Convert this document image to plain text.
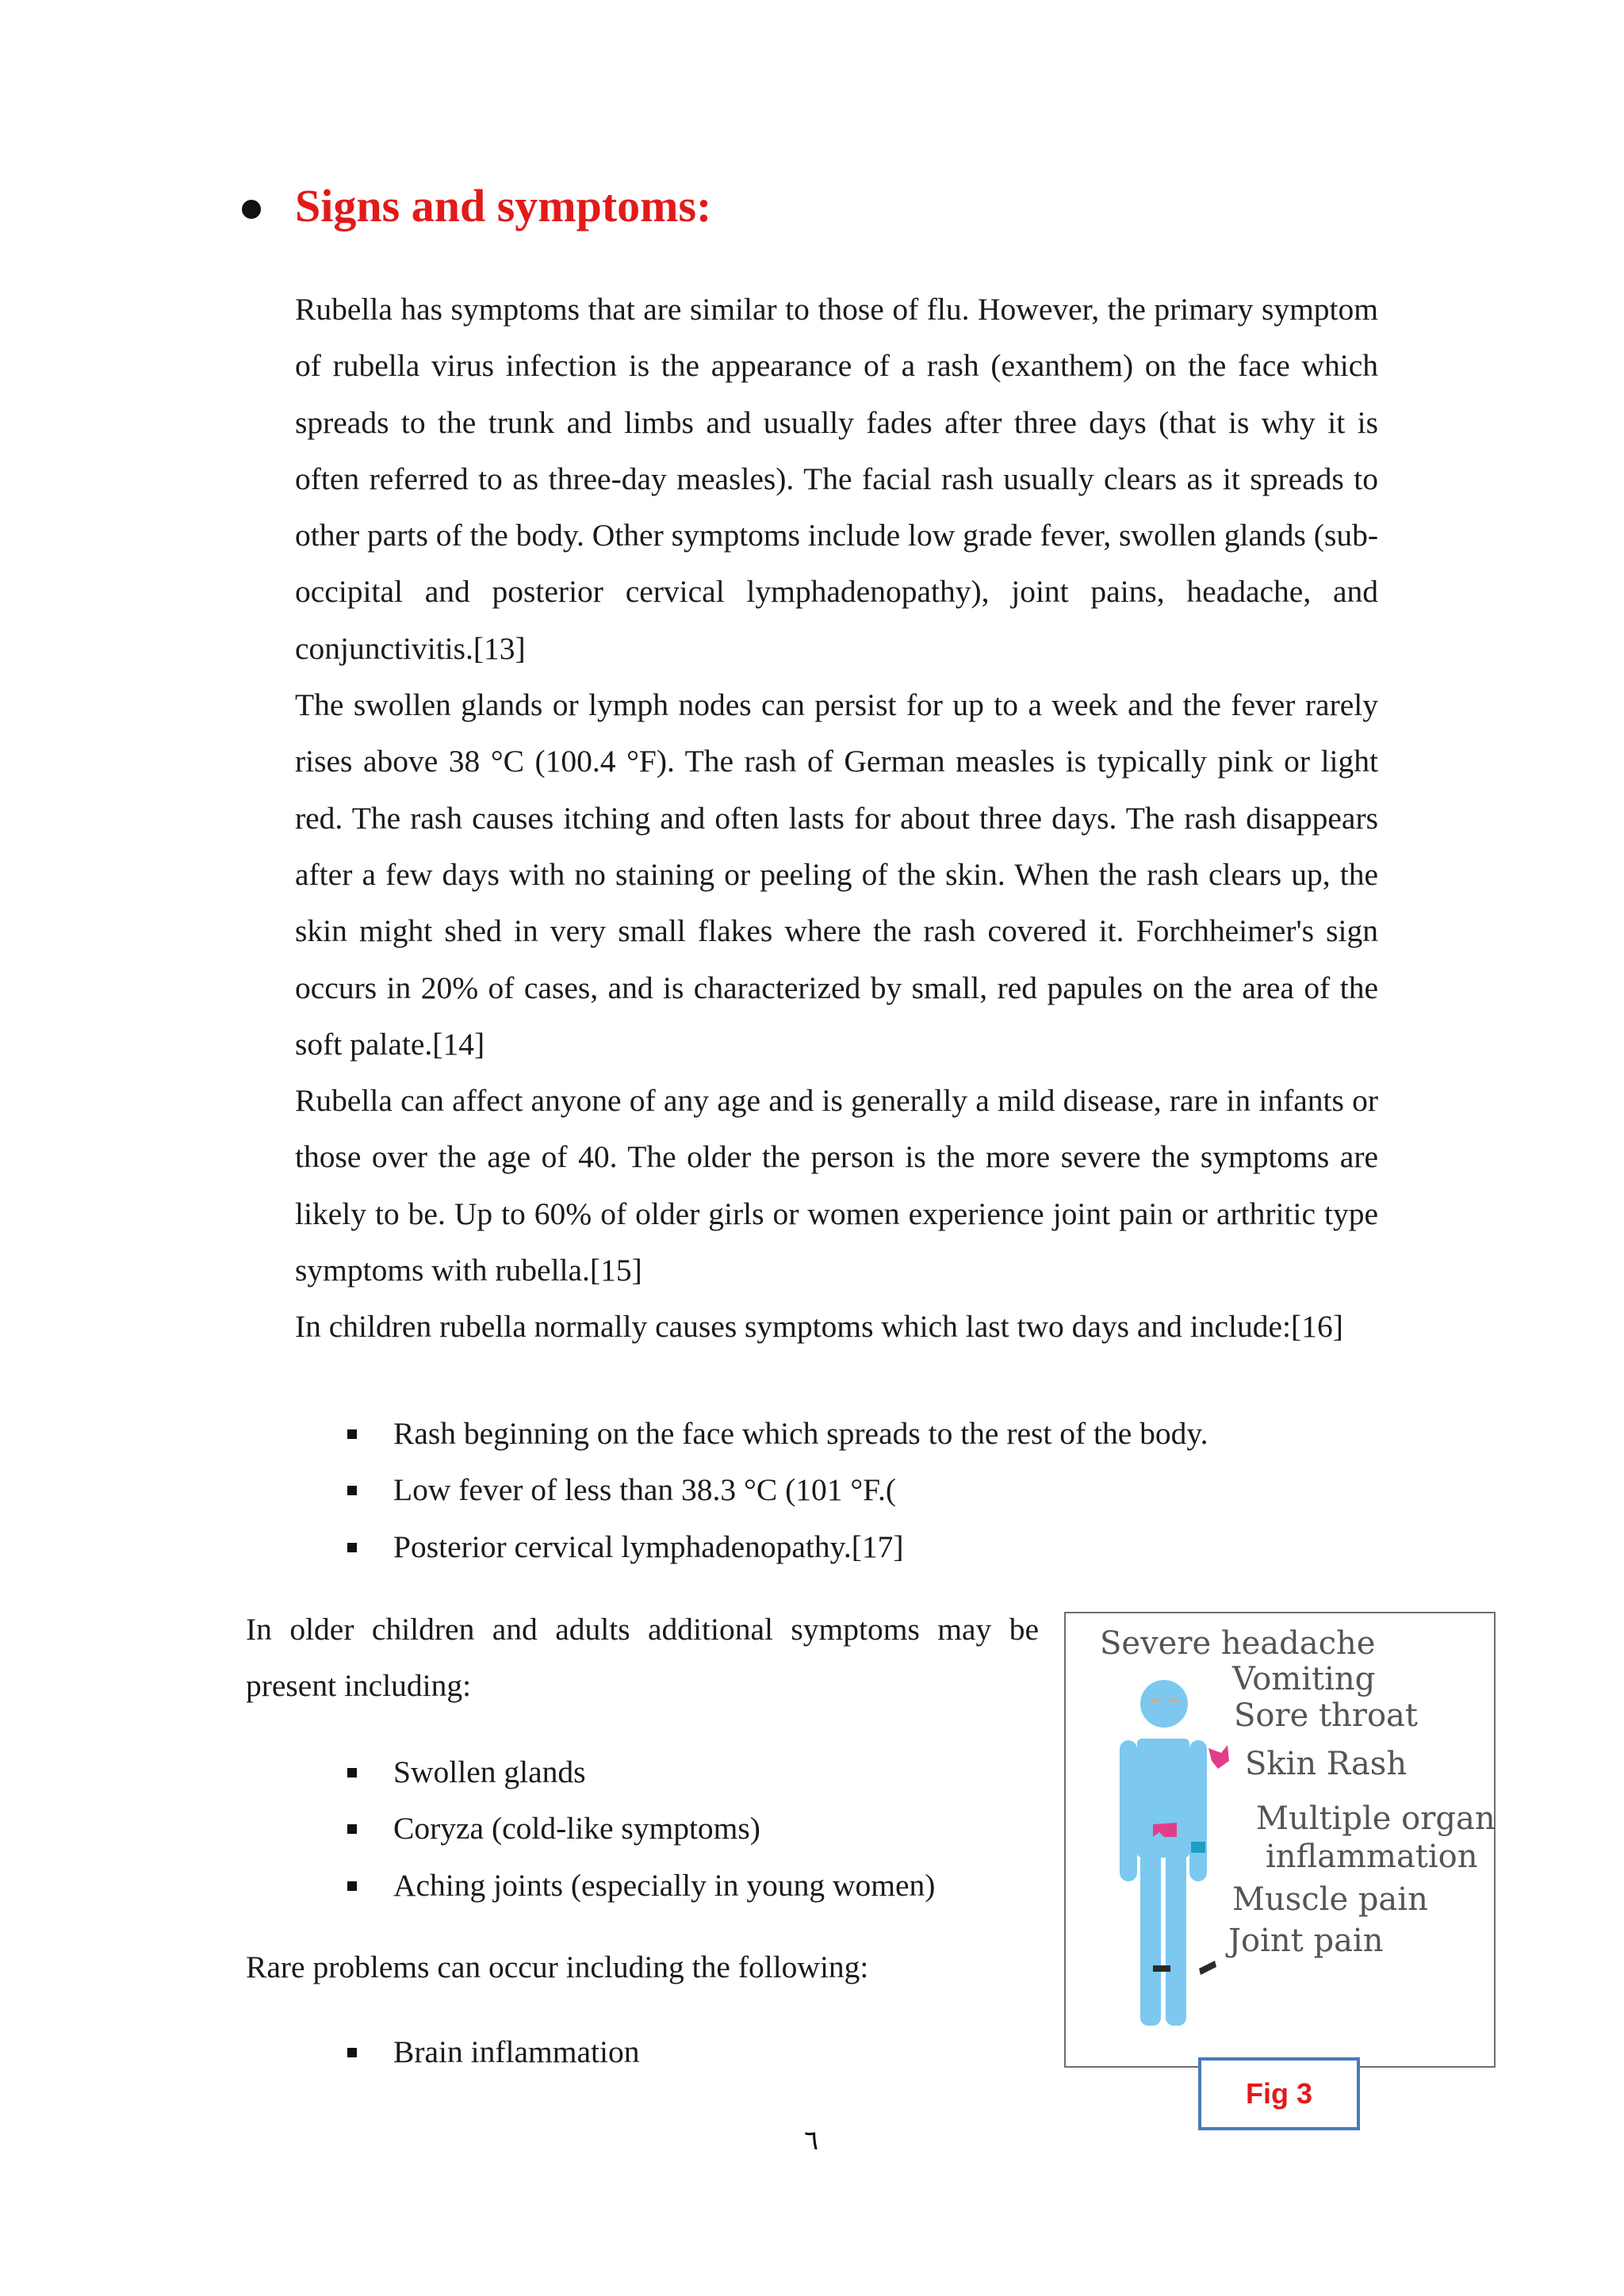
Signs and symptoms:

Rubella has symptoms that are similar to those of flu. However, the primary symptom of rubella virus infection is the appearance of a rash (exanthem) on the face which spreads to the trunk and limbs and usually fades after three days (that is why it is often referred to as three-day measles). The facial rash usually clears as it spreads to other parts of the body. Other symptoms include low grade fever, swollen glands (sub-occipital and posterior cervical lymphadenopathy), joint pains, headache, and conjunctivitis.[13]

The swollen glands or lymph nodes can persist for up to a week and the fever rarely rises above 38 °C (100.4 °F). The rash of German measles is typically pink or light red. The rash causes itching and often lasts for about three days. The rash disappears after a few days with no staining or peeling of the skin. When the rash clears up, the skin might shed in very small flakes where the rash covered it. Forchheimer's sign occurs in 20% of cases, and is characterized by small, red papules on the area of the soft palate.[14]

Rubella can affect anyone of any age and is generally a mild disease, rare in infants or those over the age of 40. The older the person is the more severe the symptoms are likely to be. Up to 60% of older girls or women experience joint pain or arthritic type symptoms with rubella.[15]

In children rubella normally causes symptoms which last two days and include:[16]

Rash beginning on the face which spreads to the rest of the body.
Low fever of less than 38.3 °C (101 °F.(
Posterior cervical lymphadenopathy.[17]

In older children and adults additional symptoms may be present including:

Swollen glands
Coryza (cold-like symptoms)
Aching joints (especially in young women)

Rare problems can occur including the following:

Brain inflammation
Severe headache
Vomiting
Sore throat
Skin Rash
Multiple organ
inflammation
Muscle pain
Joint pain
Fig 3
٦
